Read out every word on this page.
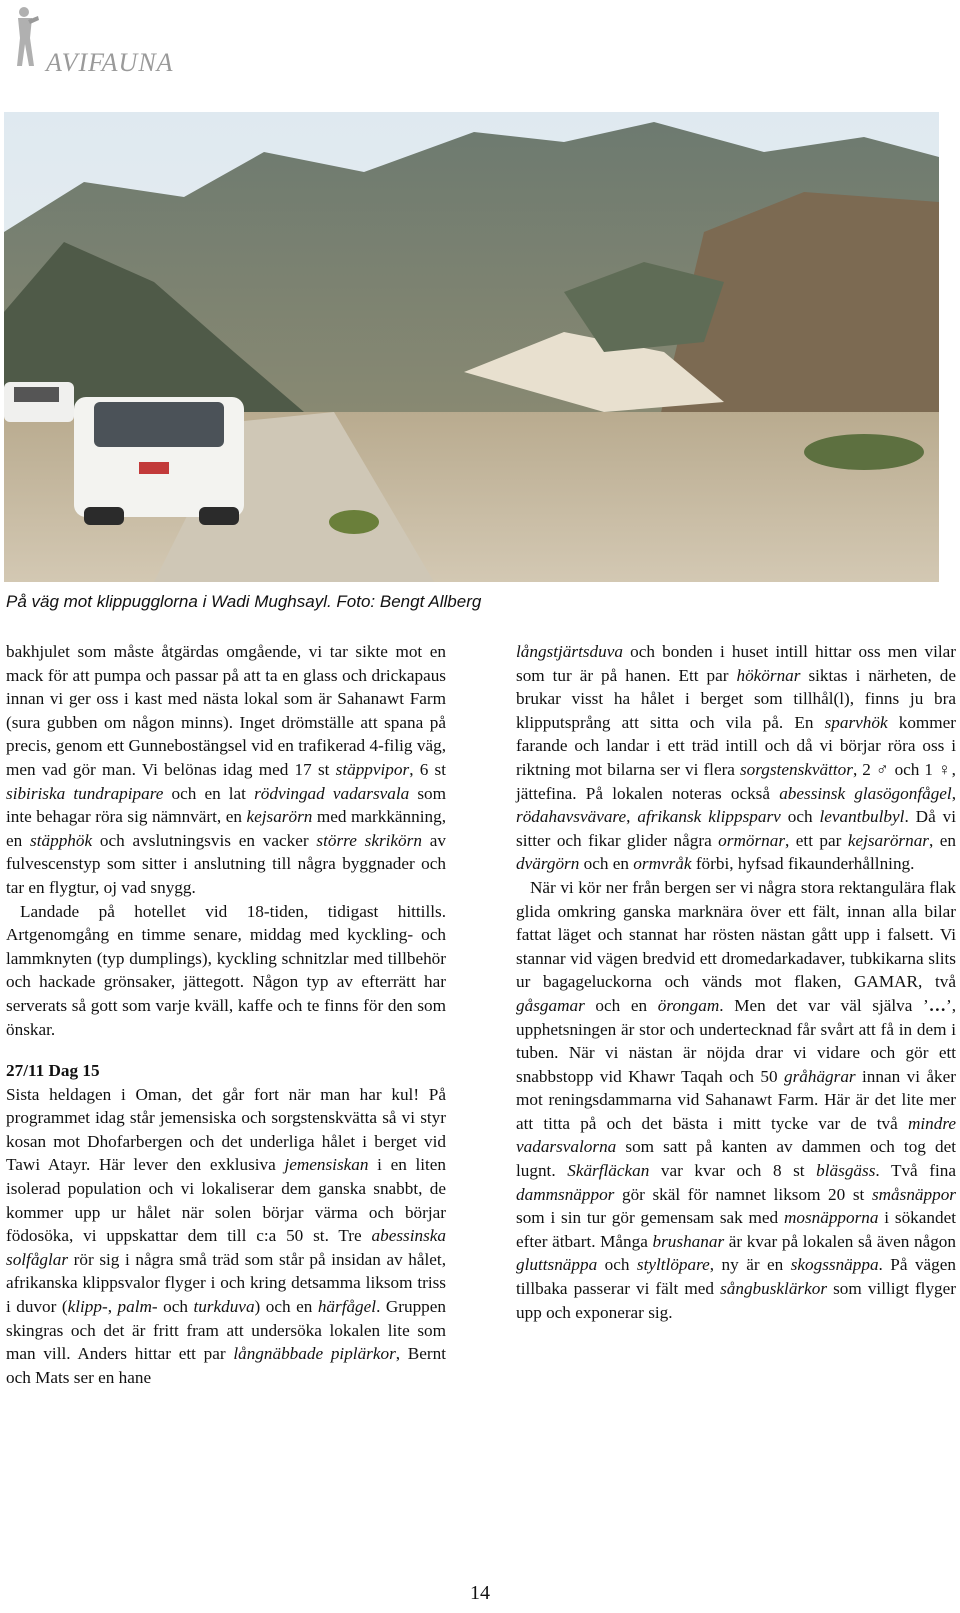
AVIFAUNA
På väg mot klippugglorna i Wadi Mughsayl. Foto: Bengt Allberg

bakhjulet som måste åtgärdas omgående, vi tar sikte mot en mack för att pumpa och passar på att ta en glass och drickapaus innan vi ger oss i kast med nästa lokal som är Sahanawt Farm (sura gubben om någon minns). Inget drömställe att spana på precis, genom ett Gunnebostängsel vid en trafikerad 4-filig väg, men vad gör man. Vi belönas idag med 17 st stäppvipor, 6 st sibiriska tundrapipare och en lat rödvingad vadarsvala som inte behagar röra sig nämnvärt, en kejsarörn med markkänning, en stäpphök och avslutningsvis en vacker större skrikörn av fulvescenstyp som sitter i anslutning till några byggnader och tar en flygtur, oj vad snygg.

Landade på hotellet vid 18-tiden, tidigast hittills. Artgenomgång en timme senare, middag med kyckling- och lammknyten (typ dumplings), kyckling schnitzlar med tillbehör och hackade grönsaker, jättegott. Någon typ av efterrätt har serverats så gott som varje kväll, kaffe och te finns för den som önskar.

27/11 Dag 15

Sista heldagen i Oman, det går fort när man har kul! På programmet idag står jemensiska och sorgstenskvätta så vi styr kosan mot Dhofarbergen och det underliga hålet i berget vid Tawi Atayr. Här lever den exklusiva jemensiskan i en liten isolerad population och vi lokaliserar dem ganska snabbt, de kommer upp ur hålet när solen börjar värma och börjar födosöka, vi uppskattar dem till c:a 50 st. Tre abessinska solfåglar rör sig i några små träd som står på insidan av hålet, afrikanska klippsvalor flyger i och kring detsamma liksom triss i duvor (klipp-, palm- och turkduva) och en härfågel. Gruppen skingras och det är fritt fram att undersöka lokalen lite som man vill. Anders hittar ett par långnäbbade piplärkor, Bernt och Mats ser en hane

långstjärtsduva och bonden i huset intill hittar oss men vilar som tur är på hanen. Ett par hökörnar siktas i närheten, de brukar visst ha hålet i berget som tillhål(l), finns ju bra klipputsprång att sitta och vila på. En sparvhök kommer farande och landar i ett träd intill och då vi börjar röra oss i riktning mot bilarna ser vi flera sorgstenskvättor, 2 ♂ och 1 ♀, jättefina. På lokalen noteras också abessinsk glasögonfågel, rödahavsvävare, afrikansk klippsparv och levantbulbyl. Då vi sitter och fikar glider några ormörnar, ett par kejsarörnar, en dvärgörn och en ormvråk förbi, hyfsad fikaunderhållning.

När vi kör ner från bergen ser vi några stora rektangulära flak glida omkring ganska marknära över ett fält, innan alla bilar fattat läget och stannat har rösten nästan gått upp i falsett. Vi stannar vid vägen bredvid ett dromedarkadaver, tubkikarna slits ur bagageluckorna och vänds mot flaken, GAMAR, två gåsgamar och en örongam. Men det var väl själva ’…’, upphetsningen är stor och undertecknad får svårt att få in dem i tuben. När vi nästan är nöjda drar vi vidare och gör ett snabbstopp vid Khawr Taqah och 50 gråhägrar innan vi åker mot reningsdammarna vid Sahanawt Farm. Här är det lite mer att titta på och det bästa i mitt tycke var de två mindre vadarsvalorna som satt på kanten av dammen och tog det lugnt. Skärfläckan var kvar och 8 st bläsgäss. Två fina dammsnäppor gör skäl för namnet liksom 20 st småsnäppor som i sin tur gör gemensam sak med mosnäpporna i sökandet efter ätbart. Många brushanar är kvar på lokalen så även någon gluttsnäppa och styltlöpare, ny är en skogssnäppa. På vägen tillbaka passerar vi fält med sångbusklärkor som villigt flyger upp och exponerar sig.

14
